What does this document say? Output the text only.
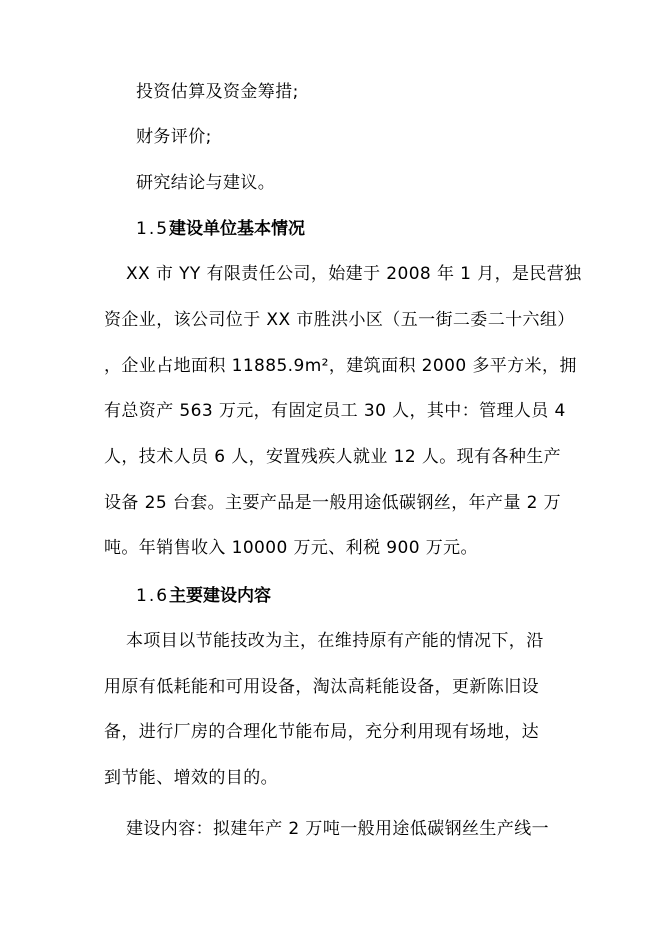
投资估算及资金筹措;
财务评价;
研究结论与建议。
1.5建设单位基本情况
XX 市 YY 有限责任公司，始建于 2008 年 1 月，是民营独
资企业，该公司位于 XX 市胜洪小区（五一街二委二十六组）
，企业占地面积 11885.9m²，建筑面积 2000 多平方米，拥
有总资产 563 万元，有固定员工 30 人，其中：管理人员 4
人，技术人员 6 人，安置残疾人就业 12 人。现有各种生产
设备 25 台套。主要产品是一般用途低碳钢丝，年产量 2 万
吨。年销售收入 10000 万元、利税 900 万元。
1.6主要建设内容
本项目以节能技改为主，在维持原有产能的情况下，沿
用原有低耗能和可用设备，淘汰高耗能设备，更新陈旧设
备，进行厂房的合理化节能布局，充分利用现有场地，达
到节能、增效的目的。
建设内容：拟建年产 2 万吨一般用途低碳钢丝生产线一
